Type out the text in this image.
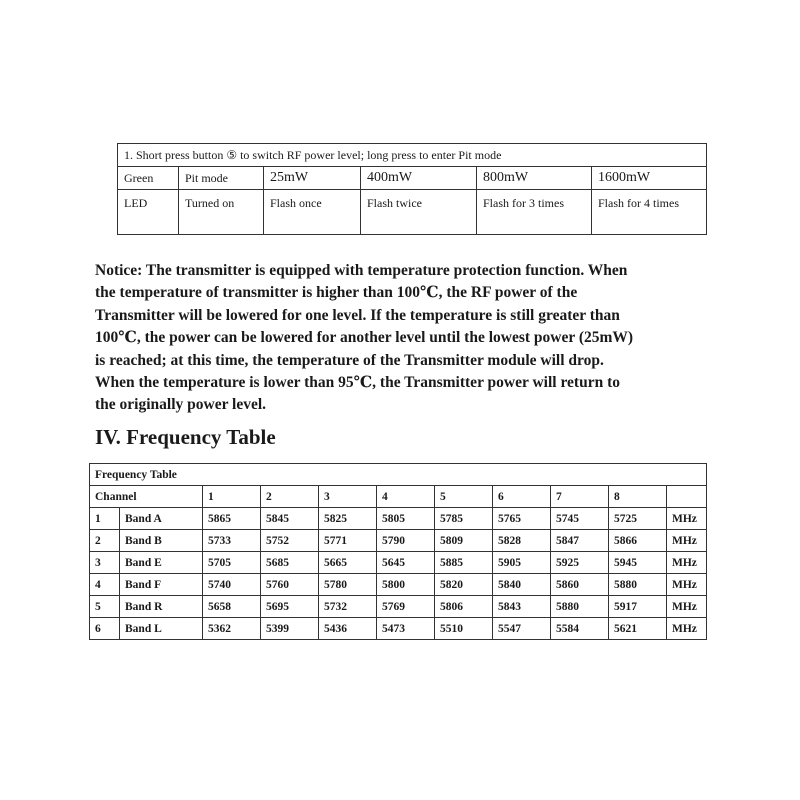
1. Short press button ⑤ to switch RF power level; long press to enter Pit mode					
Green	Pit mode	25mW	400mW	800mW	1600mW
LED	Turned on	Flash once	Flash twice	Flash for 3 times	Flash for 4 times

Notice: The transmitter is equipped with temperature protection function. When
the temperature of transmitter is higher than 100℃, the RF power of the
Transmitter will be lowered for one level. If the temperature is still greater than
100℃, the power can be lowered for another level until the lowest power (25mW)
is reached; at this time, the temperature of the Transmitter module will drop.
When the temperature is lower than 95℃, the Transmitter power will return to
the originally power level.

IV. Frequency Table
Frequency Table										
Channel		1	2	3	4	5	6	7	8	
1	Band A	5865	5845	5825	5805	5785	5765	5745	5725	MHz
2	Band B	5733	5752	5771	5790	5809	5828	5847	5866	MHz
3	Band E	5705	5685	5665	5645	5885	5905	5925	5945	MHz
4	Band F	5740	5760	5780	5800	5820	5840	5860	5880	MHz
5	Band R	5658	5695	5732	5769	5806	5843	5880	5917	MHz
6	Band L	5362	5399	5436	5473	5510	5547	5584	5621	MHz
